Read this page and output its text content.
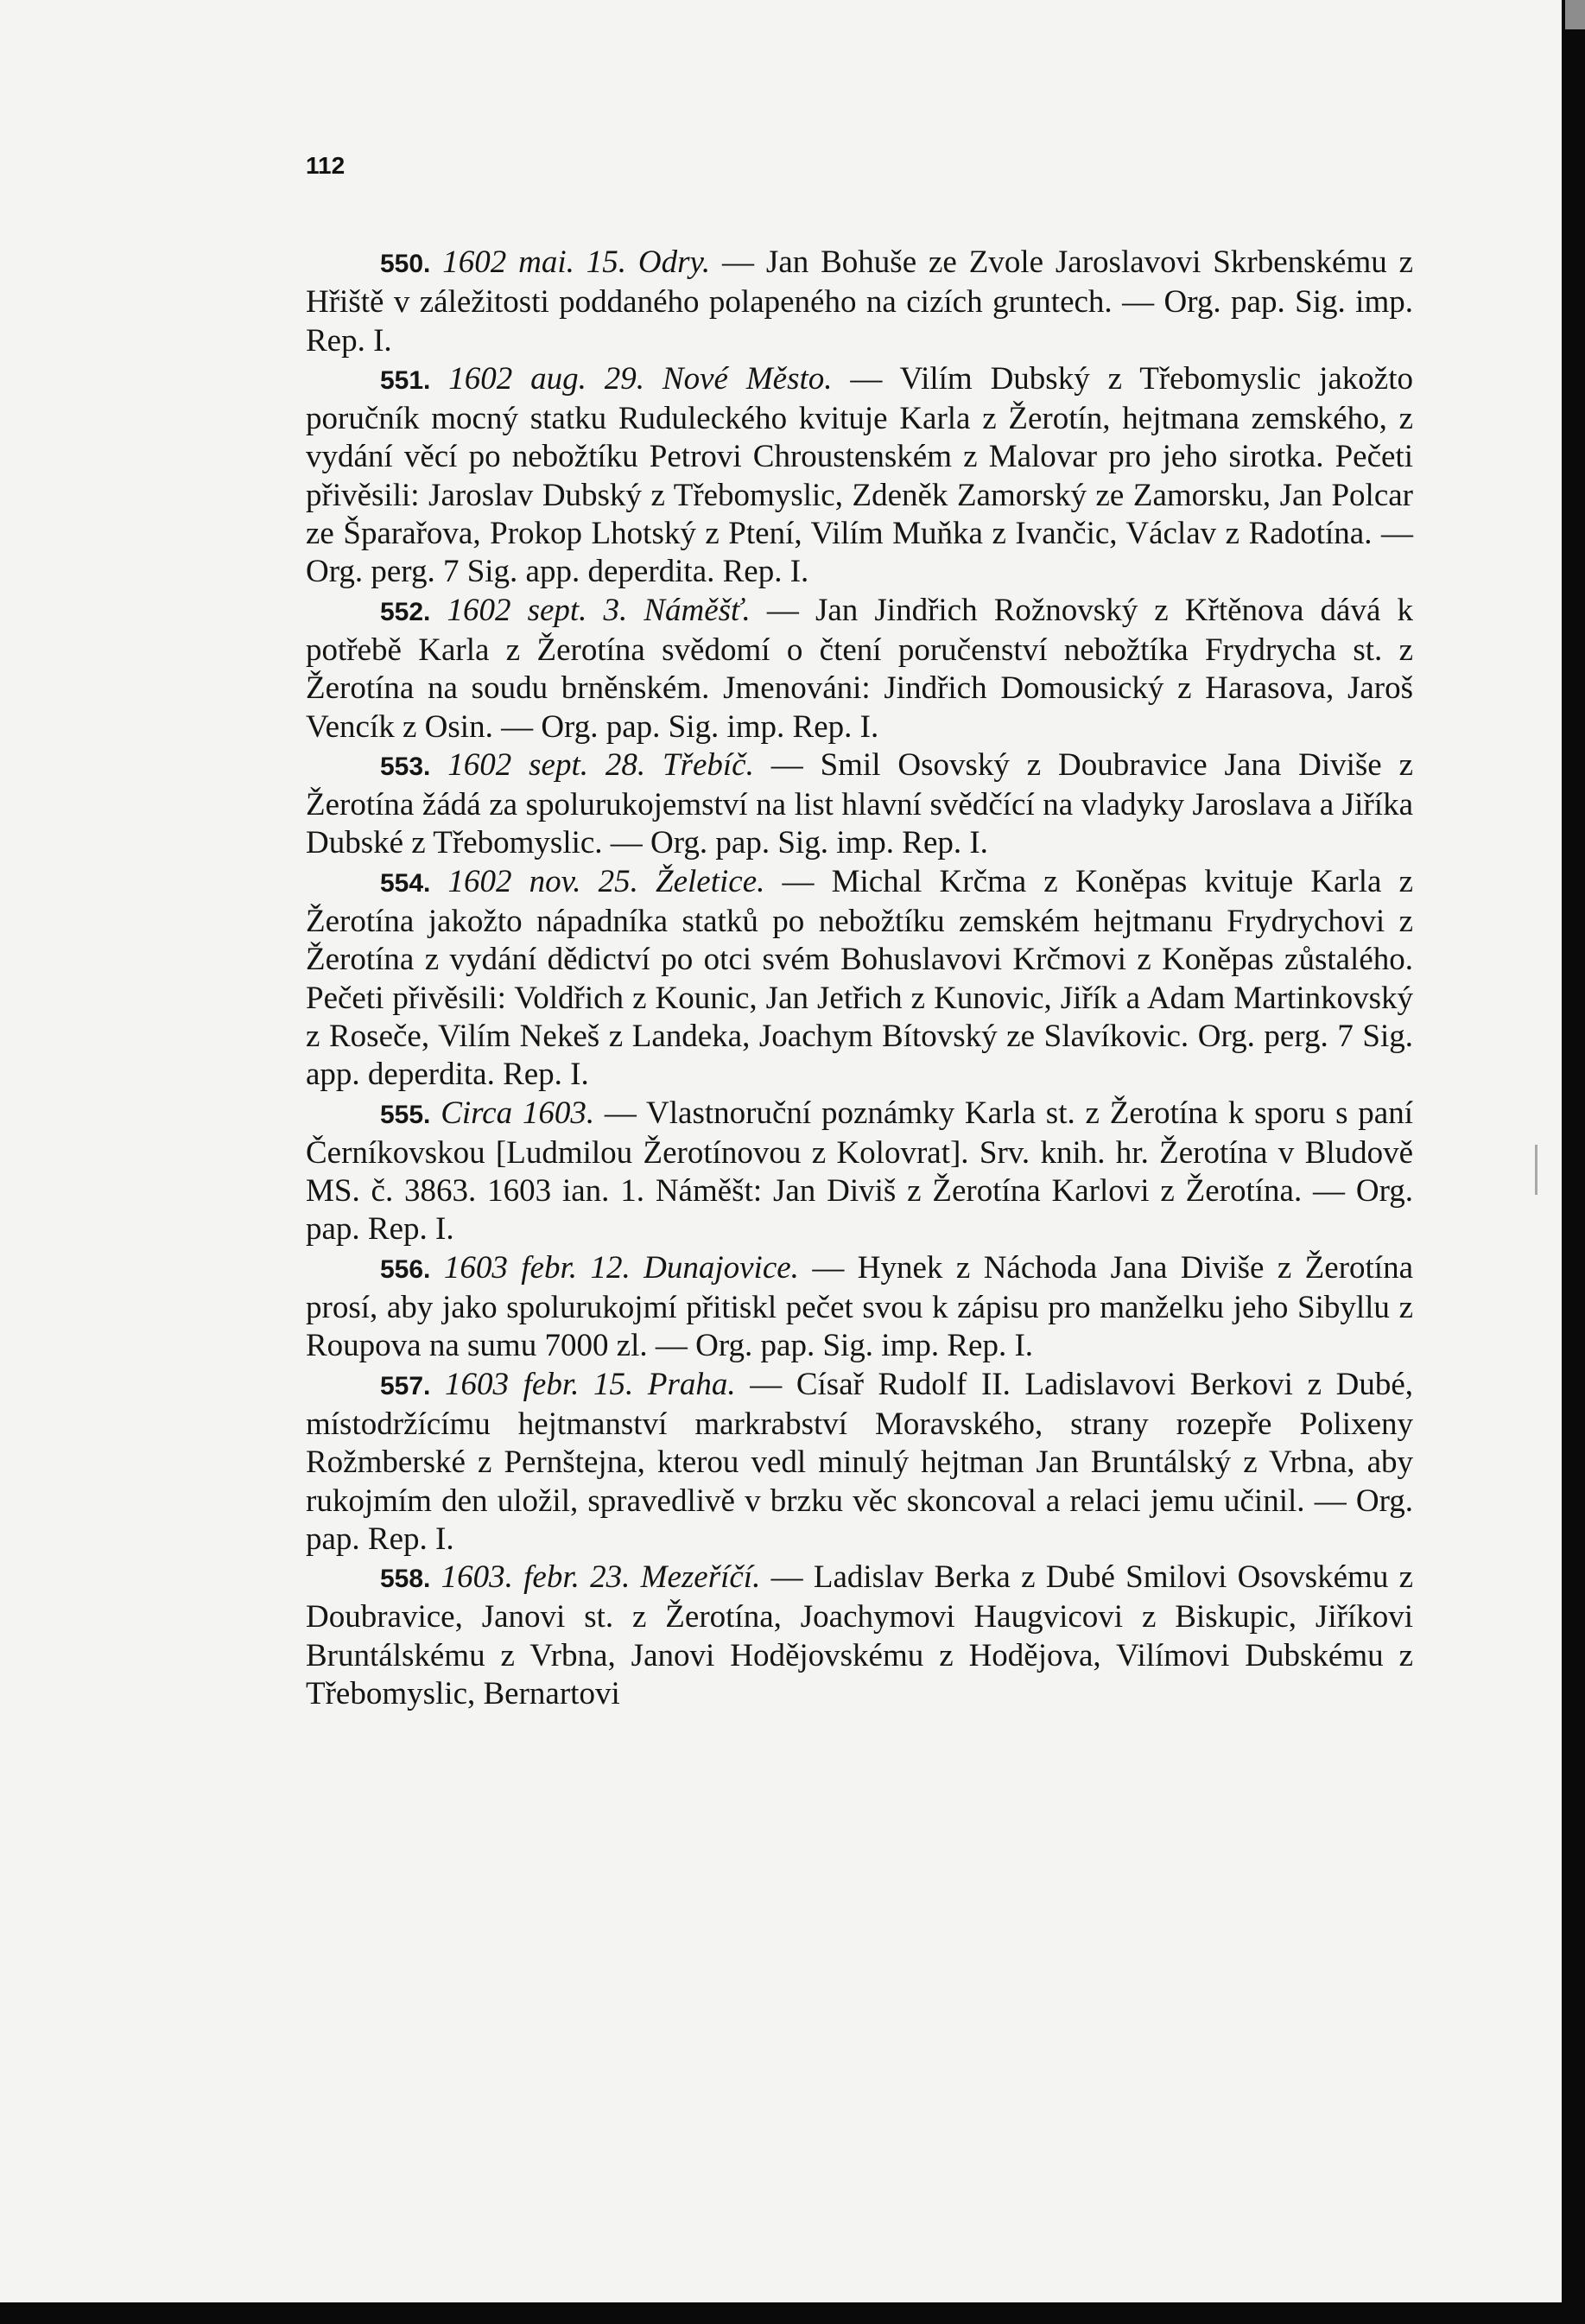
112

550. 1602 mai. 15. Odry. — Jan Bohuše ze Zvole Jaroslavovi Skrbenskému z Hřiště v záležitosti poddaného polapeného na cizích gruntech. — Org. pap. Sig. imp. Rep. I.

551. 1602 aug. 29. Nové Město. — Vilím Dubský z Třebomyslic jakožto poručník mocný statku Ruduleckého kvituje Karla z Žerotín, hejtmana zemského, z vydání věcí po nebožtíku Petrovi Chroustenském z Malovar pro jeho sirotka. Pečeti přivěsili: Jaroslav Dubský z Třebomyslic, Zdeněk Zamorský ze Zamorsku, Jan Polcar ze Šparařova, Prokop Lhotský z Ptení, Vilím Muňka z Ivančic, Václav z Radotína. — Org. perg. 7 Sig. app. deperdita. Rep. I.

552. 1602 sept. 3. Náměšť. — Jan Jindřich Rožnovský z Křtěnova dává k potřebě Karla z Žerotína svědomí o čtení poručenství nebožtíka Frydrycha st. z Žerotína na soudu brněnském. Jmenováni: Jindřich Domousický z Harasova, Jaroš Vencík z Osin. — Org. pap. Sig. imp. Rep. I.

553. 1602 sept. 28. Třebíč. — Smil Osovský z Doubravice Jana Diviše z Žerotína žádá za spolurukojemství na list hlavní svědčící na vladyky Jaroslava a Jiříka Dubské z Třebomyslic. — Org. pap. Sig. imp. Rep. I.

554. 1602 nov. 25. Želetice. — Michal Krčma z Koněpas kvituje Karla z Žerotína jakožto nápadníka statků po nebožtíku zemském hejtmanu Frydrychovi z Žerotína z vydání dědictví po otci svém Bohuslavovi Krčmovi z Koněpas zůstalého. Pečeti přivěsili: Voldřich z Kounic, Jan Jetřich z Kunovic, Jiřík a Adam Martinkovský z Roseče, Vilím Nekeš z Landeka, Joachym Bítovský ze Slavíkovic. Org. perg. 7 Sig. app. deperdita. Rep. I.

555. Circa 1603. — Vlastnoruční poznámky Karla st. z Žerotína k sporu s paní Černíkovskou [Ludmilou Žerotínovou z Kolovrat]. Srv. knih. hr. Žerotína v Bludově MS. č. 3863. 1603 ian. 1. Náměšt: Jan Diviš z Žerotína Karlovi z Žerotína. — Org. pap. Rep. I.

556. 1603 febr. 12. Dunajovice. — Hynek z Náchoda Jana Diviše z Žerotína prosí, aby jako spolurukojmí přitiskl pečet svou k zápisu pro manželku jeho Sibyllu z Roupova na sumu 7000 zl. — Org. pap. Sig. imp. Rep. I.

557. 1603 febr. 15. Praha. — Císař Rudolf II. Ladislavovi Berkovi z Dubé, místodržícímu hejtmanství markrabství Moravského, strany rozepře Polixeny Rožmberské z Pernštejna, kterou vedl minulý hejtman Jan Bruntálský z Vrbna, aby rukojmím den uložil, spravedlivě v brzku věc skoncoval a relaci jemu učinil. — Org. pap. Rep. I.

558. 1603. febr. 23. Mezeříčí. — Ladislav Berka z Dubé Smilovi Osovskému z Doubravice, Janovi st. z Žerotína, Joachymovi Haugvicovi z Biskupic, Jiříkovi Bruntálskému z Vrbna, Janovi Hodějovskému z Hodějova, Vilímovi Dubskému z Třebomyslic, Bernartovi
